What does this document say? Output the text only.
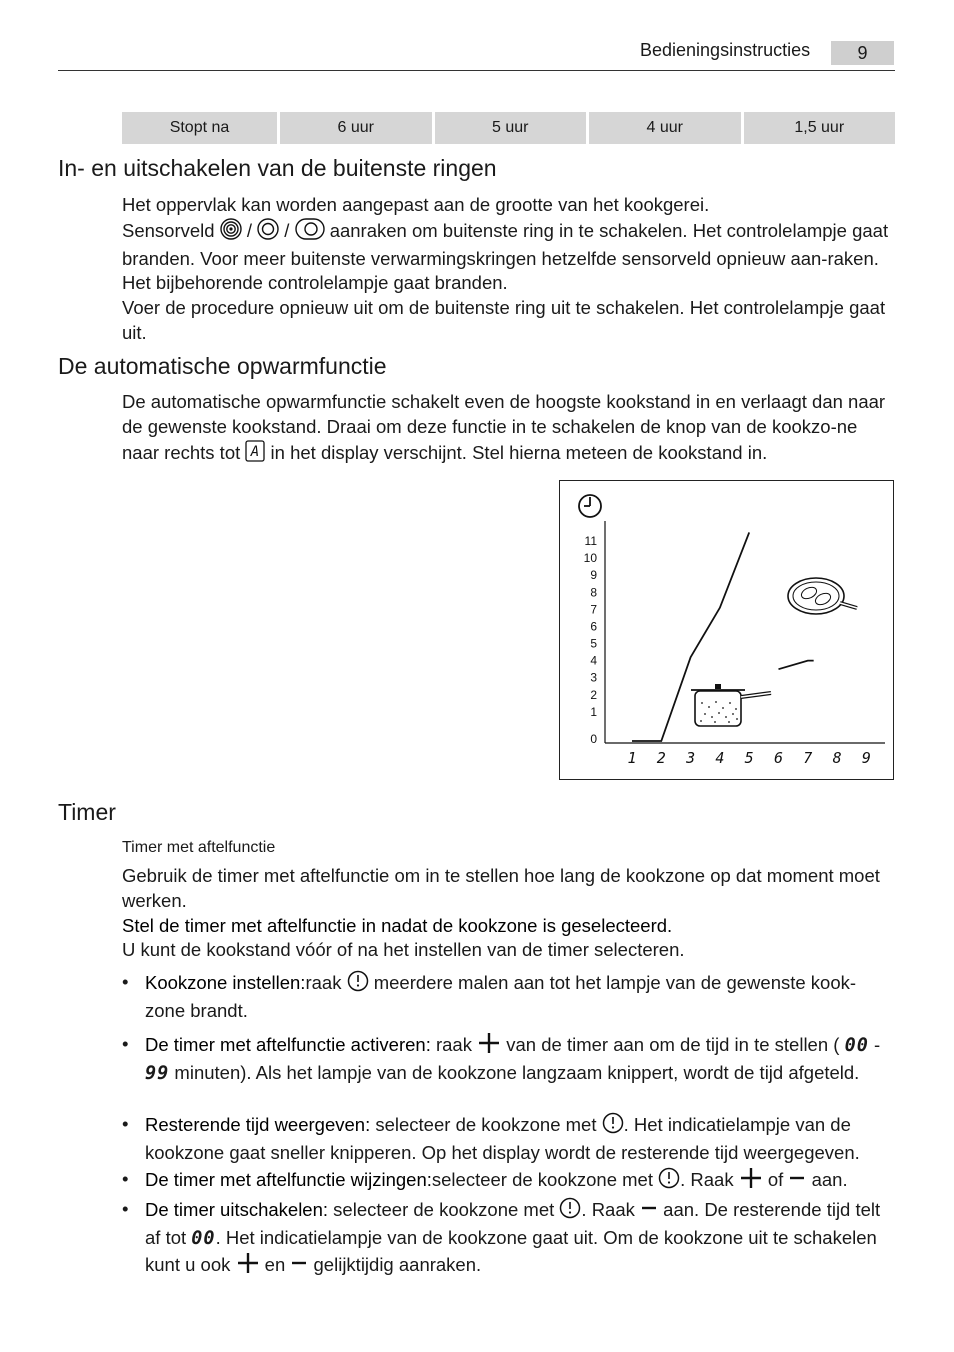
Bedieningsinstructies	9
Stopt na	6 uur	5 uur	4 uur	1,5 uur
In- en uitschakelen van de buitenste ringen

Het oppervlak kan worden aangepast aan de grootte van het kookgerei.

Sensorveld / / aanraken om buitenste ring in te schakelen. Het controlelampje gaat branden. Voor meer buitenste verwarmingskringen hetzelfde sensorveld opnieuw aan-raken. Het bijbehorende controlelampje gaat branden.

Voer de procedure opnieuw uit om de buitenste ring uit te schakelen. Het controlelampje gaat uit.

De automatische opwarmfunctie

De automatische opwarmfunctie schakelt even de hoogste kookstand in en verlaagt dan naar de gewenste kookstand. Draai om deze functie in te schakelen de knop van de kookzo-ne naar rechts tot A in het display verschijnt. Stel hierna meteen de kookstand in.

0
1
2
3
4
5
6
7
8
9
10
11
1 2 3 4 5 6 7 8 9
Timer
Timer met aftelfunctie

Gebruik de timer met aftelfunctie om in te stellen hoe lang de kookzone op dat moment moet werken.

Stel de timer met aftelfunctie in nadat de kookzone is geselecteerd.

U kunt de kookstand vóór of na het instellen van de timer selecteren.

• Kookzone instellen:raak meerdere malen aan tot het lampje van de gewenste kook-zone brandt.
• De timer met aftelfunctie activeren: raak van de timer aan om de tijd in te stellen ( 00 - 99 minuten). Als het lampje van de kookzone langzaam knippert, wordt de tijd afgeteld.
• Resterende tijd weergeven: selecteer de kookzone met . Het indicatielampje van de kookzone gaat sneller knipperen. Op het display wordt de resterende tijd weergegeven.
• De timer met aftelfunctie wijzingen:selecteer de kookzone met . Raak of aan.
• De timer uitschakelen: selecteer de kookzone met . Raak aan. De resterende tijd telt af tot 00. Het indicatielampje van de kookzone gaat uit. Om de kookzone uit te schakelen kunt u ook en gelijktijdig aanraken.
